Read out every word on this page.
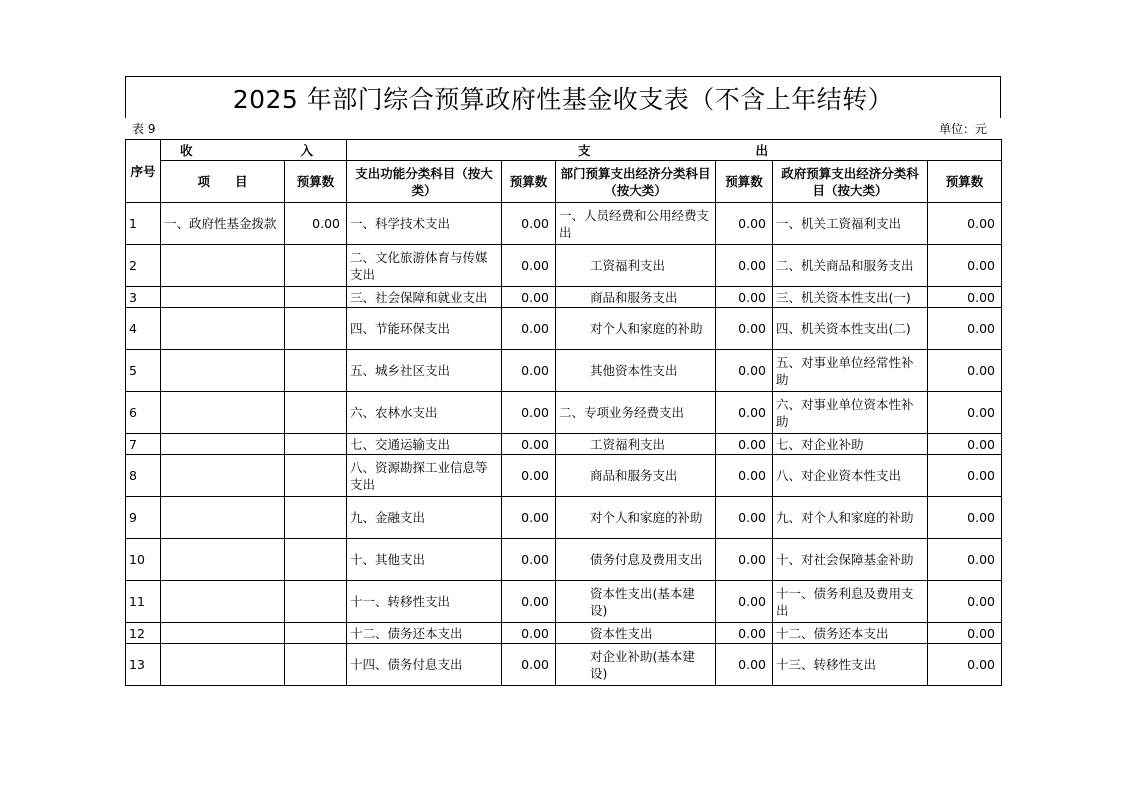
2025 年部门综合预算政府性基金收支表（不含上年结转）
表 9	单位：元
序号	收 入		支 出					

	项　　目	预算数	支出功能分类科目（按大类）	预算数	部门预算支出经济分类科目（按大类）	预算数	政府预算支出经济分类科目（按大类）	预算数
1	一、政府性基金拨款	0.00	一、科学技术支出	0.00	一、人员经费和公用经费支出	0.00	一、机关工资福利支出	0.00
2			二、文化旅游体育与传媒支出	0.00	工资福利支出	0.00	二、机关商品和服务支出	0.00
3			三、社会保障和就业支出	0.00	商品和服务支出	0.00	三、机关资本性支出(一)	0.00
4			四、节能环保支出	0.00	对个人和家庭的补助	0.00	四、机关资本性支出(二)	0.00
5			五、城乡社区支出	0.00	其他资本性支出	0.00	五、对事业单位经常性补助	0.00
6			六、农林水支出	0.00	二、专项业务经费支出	0.00	六、对事业单位资本性补助	0.00
7			七、交通运输支出	0.00	工资福利支出	0.00	七、对企业补助	0.00
8			八、资源勘探工业信息等支出	0.00	商品和服务支出	0.00	八、对企业资本性支出	0.00
9			九、金融支出	0.00	对个人和家庭的补助	0.00	九、对个人和家庭的补助	0.00
10			十、其他支出	0.00	债务付息及费用支出	0.00	十、对社会保障基金补助	0.00
11			十一、转移性支出	0.00	资本性支出(基本建设)	0.00	十一、债务利息及费用支出	0.00
12			十二、债务还本支出	0.00	资本性支出	0.00	十二、债务还本支出	0.00
13			十四、债务付息支出	0.00	对企业补助(基本建设)	0.00	十三、转移性支出	0.00
